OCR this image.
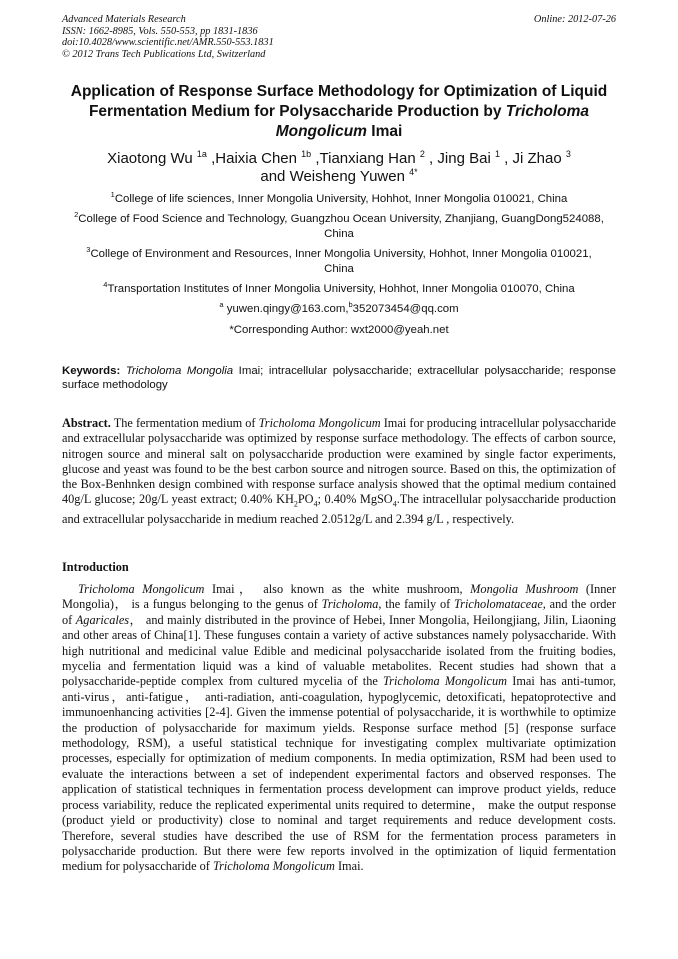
Advanced Materials Research
ISSN: 1662-8985, Vols. 550-553, pp 1831-1836
doi:10.4028/www.scientific.net/AMR.550-553.1831
© 2012 Trans Tech Publications Ltd, Switzerland
Online: 2012-07-26
Application of Response Surface Methodology for Optimization of Liquid Fermentation Medium for Polysaccharide Production by Tricholoma Mongolicum Imai
Xiaotong Wu $^{1a}$ ,Haixia Chen $^{1b}$ ,Tianxiang Han $^2$ , Jing Bai $^1$ , Ji Zhao $^3$
and Weisheng Yuwen $^{4*}$

$^1$College of life sciences, Inner Mongolia University, Hohhot, Inner Mongolia 010021, China

$^2$College of Food Science and Technology, Guangzhou Ocean University, Zhanjiang, GuangDong524088, China

$^3$College of Environment and Resources, Inner Mongolia University, Hohhot, Inner Mongolia 010021, China

$^4$Transportation Institutes of Inner Mongolia University, Hohhot, Inner Mongolia 010070, China

$^a$ yuwen.qingy@163.com,$^b$352073454@qq.com

*Corresponding Author: wxt2000@yeah.net

Keywords: Tricholoma Mongolia Imai; intracellular polysaccharide; extracellular polysaccharide; response surface methodology
Abstract. The fermentation medium of Tricholoma Mongolicum Imai for producing intracellular polysaccharide and extracellular polysaccharide was optimized by response surface methodology. The effects of carbon source, nitrogen source and mineral salt on polysaccharide production were examined by single factor experiments, glucose and yeast was found to be the best carbon source and nitrogen source. Based on this, the optimization of the Box-Benhnken design combined with response surface analysis showed that the optimal medium contained 40g/L glucose; 20g/L yeast extract; 0.40% $KH_2PO_4$; 0.40% MgSO$_4$.The intracellular polysaccharide production and extracellular polysaccharide in medium reached 2.0512g/L and 2.394 g/L , respectively.
Introduction

Tricholoma Mongolicum Imai， also known as the white mushroom, Mongolia Mushroom (Inner Mongolia)， is a fungus belonging to the genus of Tricholoma, the family of Tricholomataceae, and the order of Agaricales， and mainly distributed in the province of Hebei, Inner Mongolia, Heilongjiang, Jilin, Liaoning and other areas of China[1]. These funguses contain a variety of active substances namely polysaccharide. With high nutritional and medicinal value Edible and medicinal polysaccharide isolated from the fruiting bodies, mycelia and fermentation liquid was a kind of valuable metabolites. Recent studies had shown that a polysaccharide-peptide complex from cultured mycelia of the Tricholoma Mongolicum Imai has anti-tumor, anti-virus，anti-fatigue， anti-radiation, anti-coagulation, hypoglycemic, detoxificati, hepatoprotective and immunoenhancing activities [2-4]. Given the immense potential of polysaccharide, it is worthwhile to optimize the production of polysaccharide for maximum yields. Response surface method [5] (response surface methodology, RSM), a useful statistical technique for investigating complex multivariate optimization processes, especially for optimization of medium components. In media optimization, RSM had been used to evaluate the interactions between a set of independent experimental factors and observed responses. The application of statistical techniques in fermentation process development can improve product yields, reduce process variability, reduce the replicated experimental units required to determine， make the output response (product yield or productivity) close to nominal and target requirements and reduce development costs. Therefore, several studies have described the use of RSM for the fermentation process parameters in polysaccharide production. But there were few reports involved in the optimization of liquid fermentation medium for polysaccharide of Tricholoma Mongolicum Imai.
